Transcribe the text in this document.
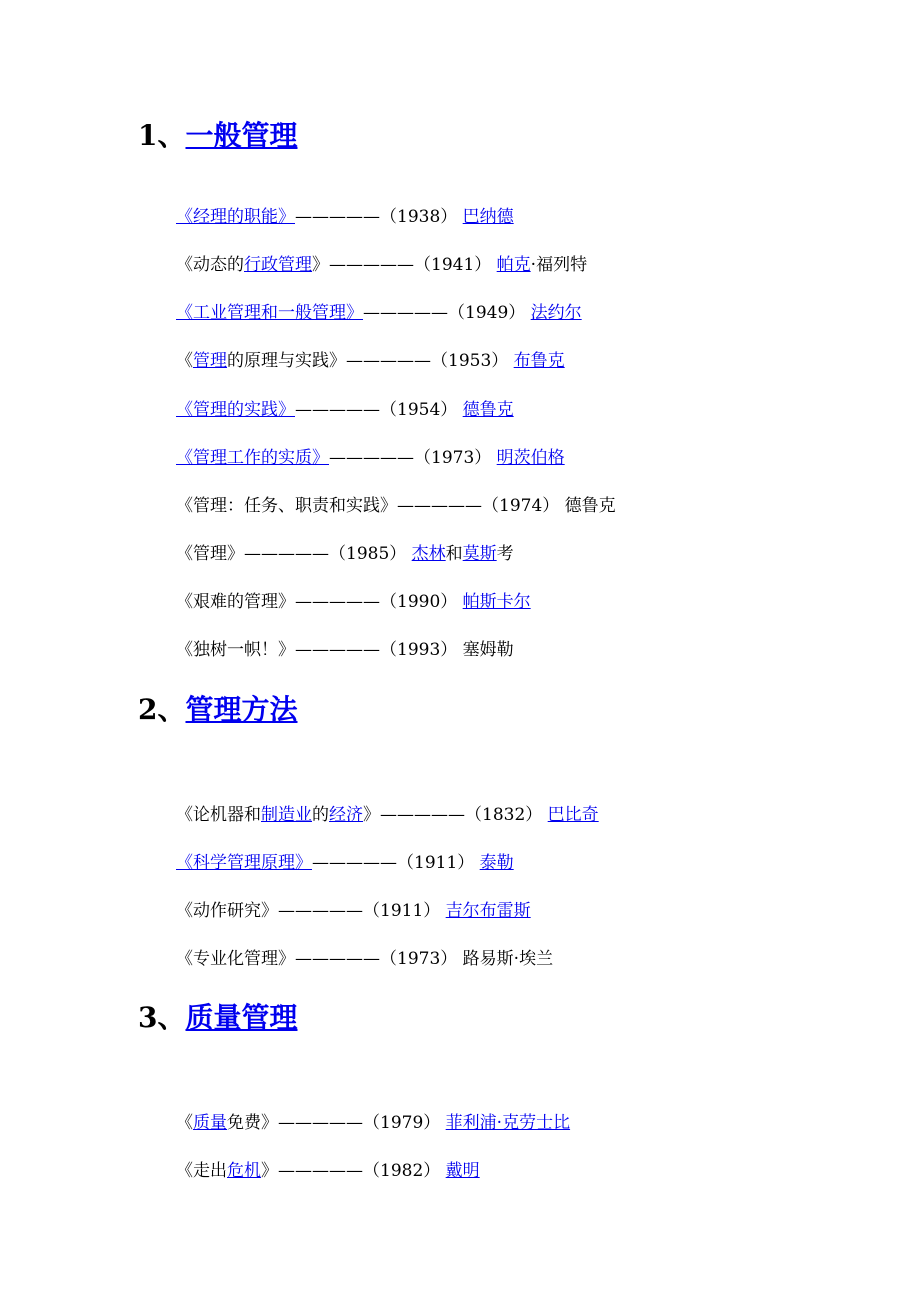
1、一般管理
《经理的职能》—————（1938） 巴纳德
《动态的行政管理》—————（1941） 帕克·福列特
《工业管理和一般管理》—————（1949） 法约尔
《管理的原理与实践》—————（1953） 布鲁克
《管理的实践》—————（1954） 德鲁克
《管理工作的实质》—————（1973） 明茨伯格
《管理：任务、职责和实践》—————（1974） 德鲁克
《管理》—————（1985） 杰林和莫斯考
《艰难的管理》—————（1990） 帕斯卡尔
《独树一帜！》—————（1993） 塞姆勒
2、管理方法
《论机器和制造业的经济》—————（1832） 巴比奇
《科学管理原理》—————（1911） 泰勒
《动作研究》—————（1911） 吉尔布雷斯
《专业化管理》—————（1973） 路易斯·埃兰
3、质量管理
《质量免费》—————（1979） 菲利浦·克劳士比
《走出危机》—————（1982） 戴明
